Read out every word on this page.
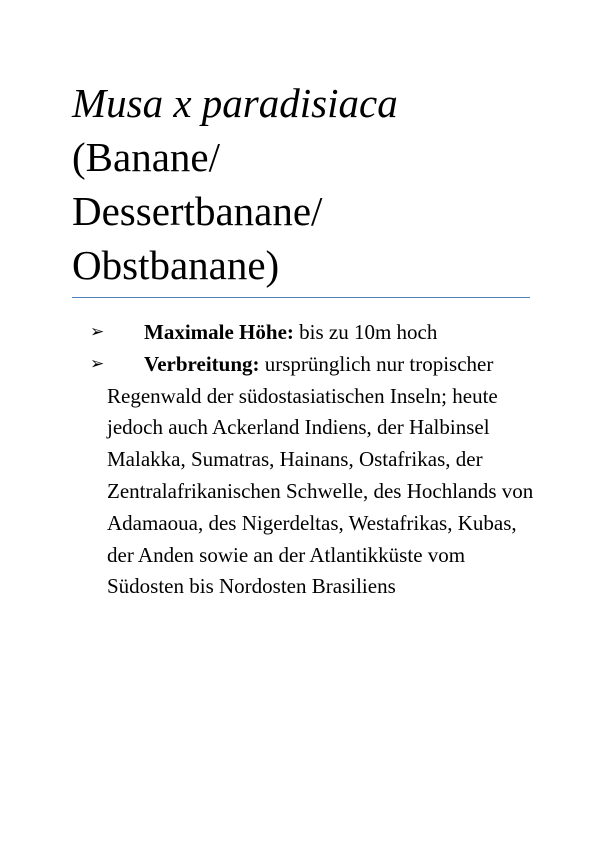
Musa x paradisiaca
(Banane/
Dessertbanane/
Obstbanane)
➢ Maximale Höhe: bis zu 10m hoch
➢ Verbreitung: ursprünglich nur tropischer Regenwald der südostasiatischen Inseln; heute jedoch auch Ackerland Indiens, der Halbinsel Malakka, Sumatras, Hainans, Ostafrikas, der Zentralafrikanischen Schwelle, des Hochlands von Adamaoua, des Nigerdeltas, Westafrikas, Kubas, der Anden sowie an der Atlantikküste vom Südosten bis Nordosten Brasiliens
